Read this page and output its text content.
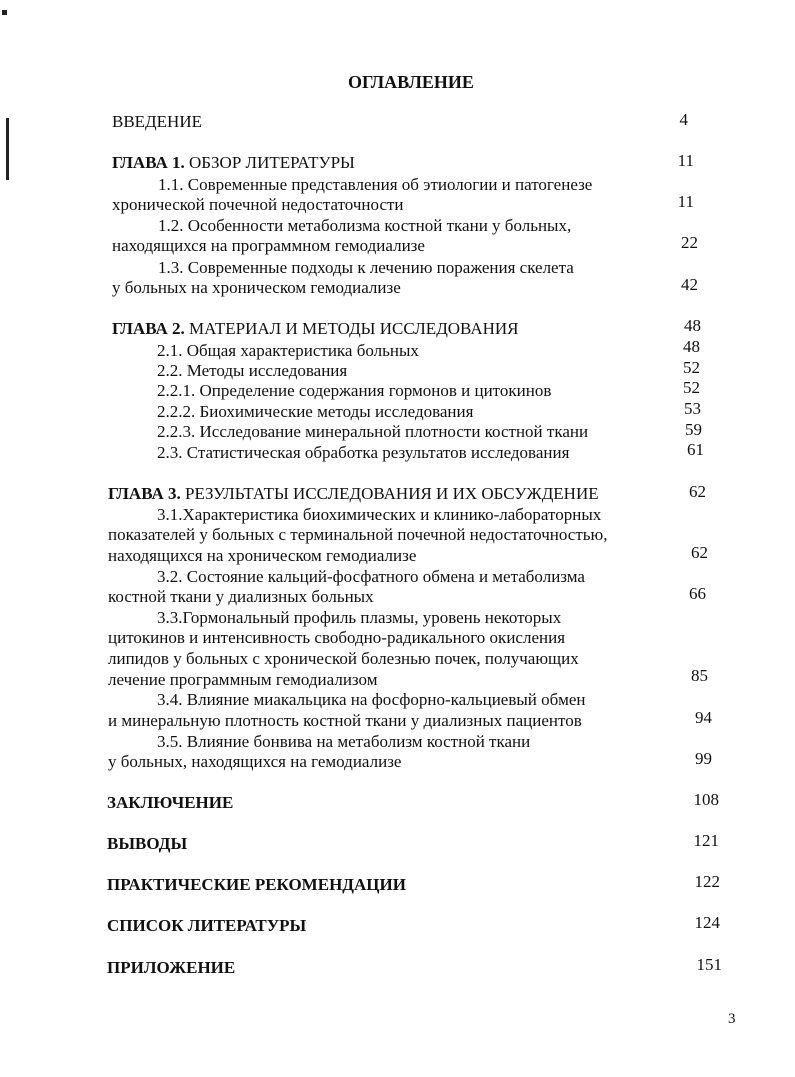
ОГЛАВЛЕНИЕ
ВВЕДЕНИЕ	4
ГЛАВА 1. ОБЗОР ЛИТЕРАТУРЫ	11
1.1. Современные представления об этиологии и патогенезе
хронической почечной недостаточности	11
1.2. Особенности метаболизма костной ткани у больных,
находящихся на программном гемодиализе	22
1.3. Современные подходы к лечению поражения скелета
у больных на хроническом гемодиализе	42
ГЛАВА 2. МАТЕРИАЛ И МЕТОДЫ ИССЛЕДОВАНИЯ	48
2.1. Общая характеристика больных	48
2.2. Методы исследования	52
2.2.1. Определение содержания гормонов и цитокинов	52
2.2.2. Биохимические методы исследования	53
2.2.3. Исследование минеральной плотности костной ткани	59
2.3. Статистическая обработка результатов исследования	61
ГЛАВА 3. РЕЗУЛЬТАТЫ ИССЛЕДОВАНИЯ И ИХ ОБСУЖДЕНИЕ	62
3.1.Характеристика биохимических и клинико-лабораторных
показателей у больных с терминальной почечной недостаточностью,
находящихся на хроническом гемодиализе	62
3.2. Состояние кальций-фосфатного обмена и метаболизма
костной ткани у диализных больных	66
3.3.Гормональный профиль плазмы, уровень некоторых
цитокинов и интенсивность свободно-радикального окисления
липидов у больных с хронической болезнью почек, получающих
лечение программным гемодиализом	85
3.4. Влияние миакальцика на фосфорно-кальциевый обмен
и минеральную плотность костной ткани у диализных пациентов	94
3.5. Влияние бонвива на метаболизм костной ткани
у больных, находящихся на гемодиализе	99
ЗАКЛЮЧЕНИЕ	108
ВЫВОДЫ	121
ПРАКТИЧЕСКИЕ РЕКОМЕНДАЦИИ	122
СПИСОК ЛИТЕРАТУРЫ	124
ПРИЛОЖЕНИЕ	151
3
